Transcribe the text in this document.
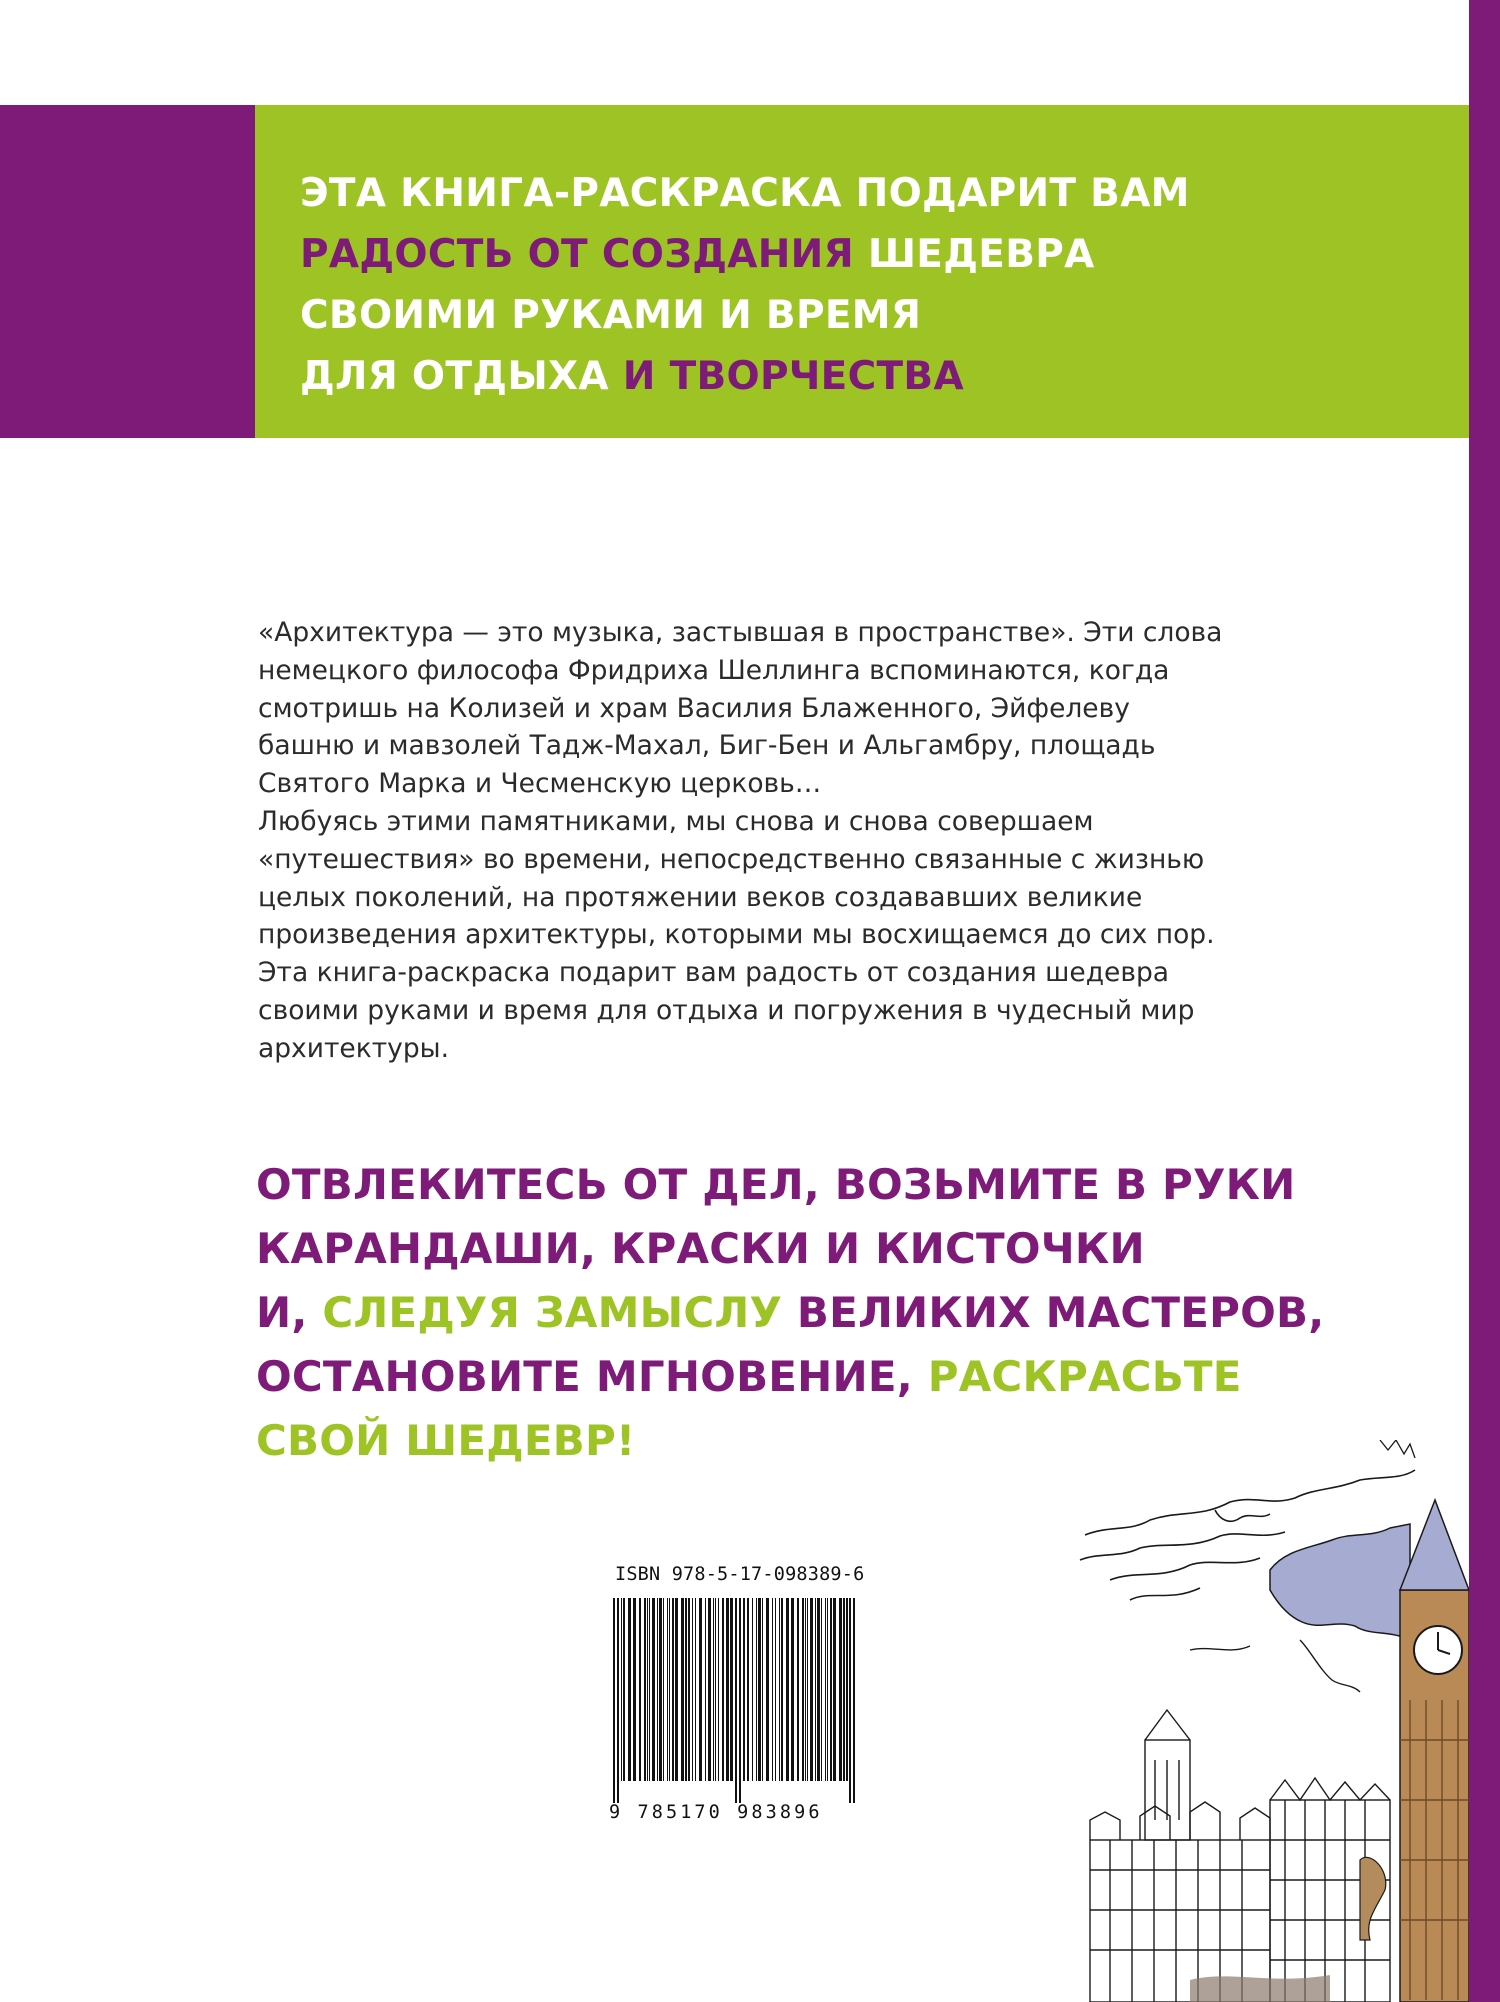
ЭТА КНИГА-РАСКРАСКА ПОДАРИТ ВАМ
РАДОСТЬ ОТ СОЗДАНИЯ ШЕДЕВРА
СВОИМИ РУКАМИ И ВРЕМЯ
ДЛЯ ОТДЫХА И ТВОРЧЕСТВА

«Архитектура — это музыка, застывшая в пространстве». Эти слова
немецкого философа Фридриха Шеллинга вспоминаются, когда
смотришь на Колизей и храм Василия Блаженного, Эйфелеву
башню и мавзолей Тадж-Махал, Биг-Бен и Альгамбру, площадь
Святого Марка и Чесменскую церковь…
Любуясь этими памятниками, мы снова и снова совершаем
«путешествия» во времени, непосредственно связанные с жизнью
целых поколений, на протяжении веков создававших великие
произведения архитектуры, которыми мы восхищаемся до сих пор.
Эта книга-раскраска подарит вам радость от создания шедевра
своими руками и время для отдыха и погружения в чудесный мир
архитектуры.

ОТВЛЕКИТЕСЬ ОТ ДЕЛ, ВОЗЬМИТЕ В РУКИ
КАРАНДАШИ, КРАСКИ И КИСТОЧКИ
И, СЛЕДУЯ ЗАМЫСЛУ ВЕЛИКИХ МАСТЕРОВ,
ОСТАНОВИТЕ МГНОВЕНИЕ, РАСКРАСЬТЕ
СВОЙ ШЕДЕВР!

ISBN 978-5-17-098389-6

9 785170 983896
